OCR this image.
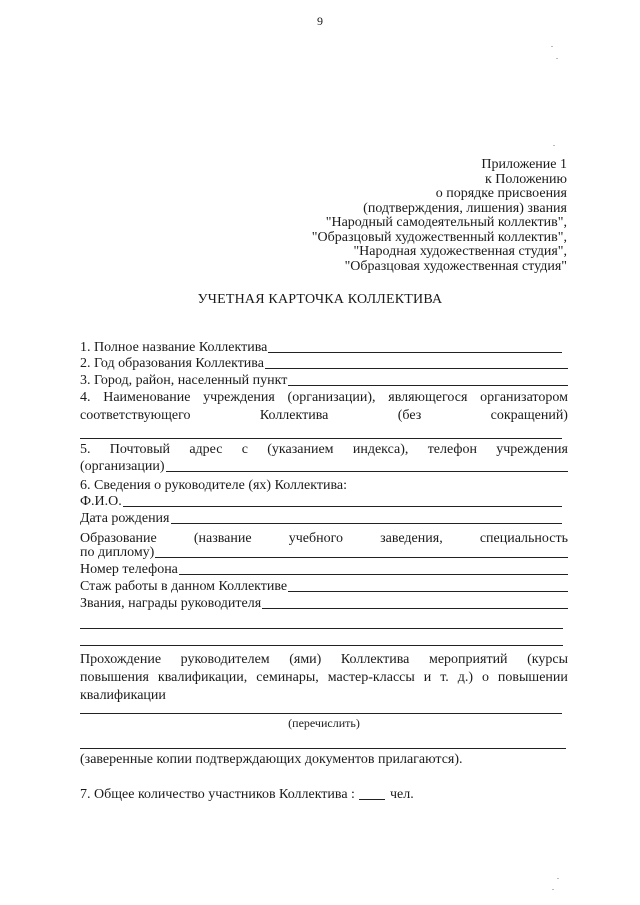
9
Приложение 1
к Положению
о порядке присвоения
(подтверждения, лишения) звания
"Народный самодеятельный коллектив",
"Образцовый художественный коллектив",
"Народная художественная студия",
"Образцовая художественная студия"
УЧЕТНАЯ КАРТОЧКА КОЛЛЕКТИВА
1. Полное название Коллектива
2. Год образования Коллектива
3. Город, район, населенный пункт
4. Наименование учреждения (организации), являющегося организатором
соответствующего	Коллектива	(без	сокращений)
5. Почтовый адрес с (указанием индекса), телефон учреждения
(организации)
6. Сведения о руководителе (ях) Коллектива:
Ф.И.О.
Дата рождения
Образование	(название	учебного	заведения,	специальность
по диплому)
Номер телефона
Стаж работы в данном Коллективе
Звания, награды руководителя
Прохождение руководителем (ями) Коллектива мероприятий (курсы
повышения квалификации, семинары, мастер-классы и т. д.) о повышении
квалификации
(перечислить)
(заверенные копии подтверждающих документов прилагаются).
7. Общее количество участников Коллектива :	чел.
